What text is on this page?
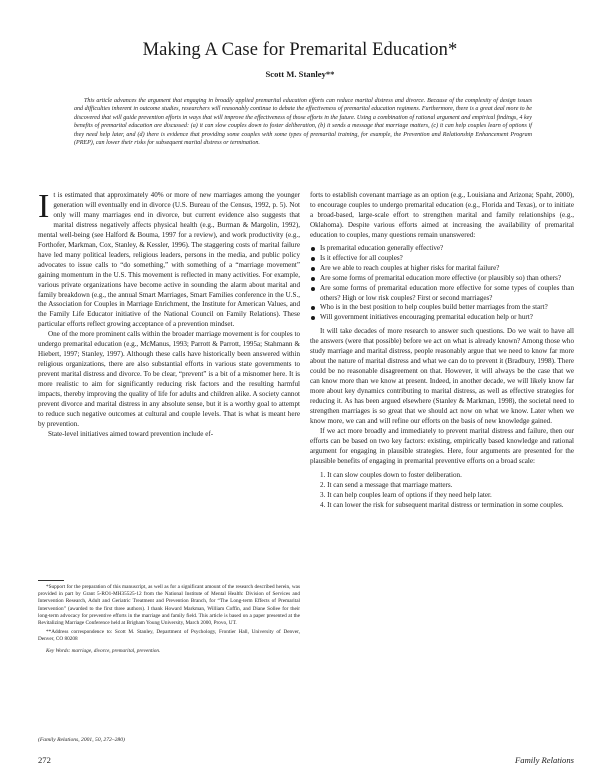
Making A Case for Premarital Education*
Scott M. Stanley**

This article advances the argument that engaging in broadly applied premarital education efforts can reduce marital distress and divorce. Because of the complexity of design issues and difficulties inherent in outcome studies, researchers will reasonably continue to debate the effectiveness of premarital education regimens. Furthermore, there is a great deal more to be discovered that will guide prevention efforts in ways that will improve the effectiveness of those efforts in the future. Using a combination of rational argument and empirical findings, 4 key benefits of premarital education are discussed: (a) it can slow couples down to foster deliberation, (b) it sends a message that marriage matters, (c) it can help couples learn of options if they need help later, and (d) there is evidence that providing some couples with some types of premarital training, for example, the Prevention and Relationship Enhancement Program (PREP), can lower their risks for subsequent marital distress or termination.

It is estimated that approximately 40% or more of new marriages among the younger generation will eventually end in divorce (U.S. Bureau of the Census, 1992, p. 5). Not only will many marriages end in divorce, but current evidence also suggests that marital distress negatively affects physical health (e.g., Burman & Margolin, 1992), mental well-being (see Halford & Bouma, 1997 for a review), and work productivity (e.g., Forthofer, Markman, Cox, Stanley, & Kessler, 1996). The staggering costs of marital failure have led many political leaders, religious leaders, persons in the media, and public policy advocates to issue calls to “do something,” with something of a “marriage movement” gaining momentum in the U.S. This movement is reflected in many activities. For example, various private organizations have become active in sounding the alarm about marital and family breakdown (e.g., the annual Smart Marriages, Smart Families conference in the U.S., the Association for Couples in Marriage Enrichment, the Institute for American Values, and the Family Life Educator initiative of the National Council on Family Relations). These particular efforts reflect growing acceptance of a prevention mindset.

One of the more prominent calls within the broader marriage movement is for couples to undergo premarital education (e.g., McManus, 1993; Parrott & Parrott, 1995a; Stahmann & Hiebert, 1997; Stanley, 1997). Although these calls have historically been answered within religious organizations, there are also substantial efforts in various state governments to prevent marital distress and divorce. To be clear, “prevent” is a bit of a misnomer here. It is more realistic to aim for significantly reducing risk factors and the resulting harmful impacts, thereby improving the quality of life for adults and children alike. A society cannot prevent divorce and marital distress in any absolute sense, but it is a worthy goal to attempt to reduce such negative outcomes at cultural and couple levels. That is what is meant here by prevention.

State-level initiatives aimed toward prevention include ef-

*Support for the preparation of this manuscript, as well as for a significant amount of the research described herein, was provided in part by Grant 5-RO1-MH35525-12 from the National Institute of Mental Health: Division of Services and Intervention Research, Adult and Geriatric Treatment and Prevention Branch, for “The Long-term Effects of Premarital Intervention” (awarded to the first three authors). I thank Howard Markman, William Coffin, and Diane Sollee for their long-term advocacy for preventive efforts in the marriage and family field. This article is based on a paper presented at the Revitalizing Marriage Conference held at Brigham Young University, March 2000, Provo, UT.

**Address correspondence to: Scott M. Stanley, Department of Psychology, Frontier Hall, University of Denver, Denver, CO 80208

Key Words: marriage, divorce, premarital, prevention.

(Family Relations, 2001, 50, 272–280)

forts to establish covenant marriage as an option (e.g., Louisiana and Arizona; Spaht, 2000), to encourage couples to undergo premarital education (e.g., Florida and Texas), or to initiate a broad-based, large-scale effort to strengthen marital and family relationships (e.g., Oklahoma). Despite various efforts aimed at increasing the availability of premarital education to couples, many questions remain unanswered:

Is premarital education generally effective?
Is it effective for all couples?
Are we able to reach couples at higher risks for marital failure?
Are some forms of premarital education more effective (or plausibly so) than others?
Are some forms of premarital education more effective for some types of couples than others? High or low risk couples? First or second marriages?
Who is in the best position to help couples build better marriages from the start?
Will government initiatives encouraging premarital education help or hurt?

It will take decades of more research to answer such questions. Do we wait to have all the answers (were that possible) before we act on what is already known? Among those who study marriage and marital distress, people reasonably argue that we need to know far more about the nature of marital distress and what we can do to prevent it (Bradbury, 1998). There could be no reasonable disagreement on that. However, it will always be the case that we can know more than we know at present. Indeed, in another decade, we will likely know far more about key dynamics contributing to marital distress, as well as effective strategies for reducing it. As has been argued elsewhere (Stanley & Markman, 1998), the societal need to strengthen marriages is so great that we should act now on what we know. Later when we know more, we can and will refine our efforts on the basis of new knowledge gained.

If we act more broadly and immediately to prevent marital distress and failure, then our efforts can be based on two key factors: existing, empirically based knowledge and rational argument for engaging in plausible strategies. Here, four arguments are presented for the plausible benefits of engaging in premarital preventive efforts on a broad scale:

1. It can slow couples down to foster deliberation.
2. It can send a message that marriage matters.
3. It can help couples learn of options if they need help later.
4. It can lower the risk for subsequent marital distress or termination in some couples.
272	Family Relations
